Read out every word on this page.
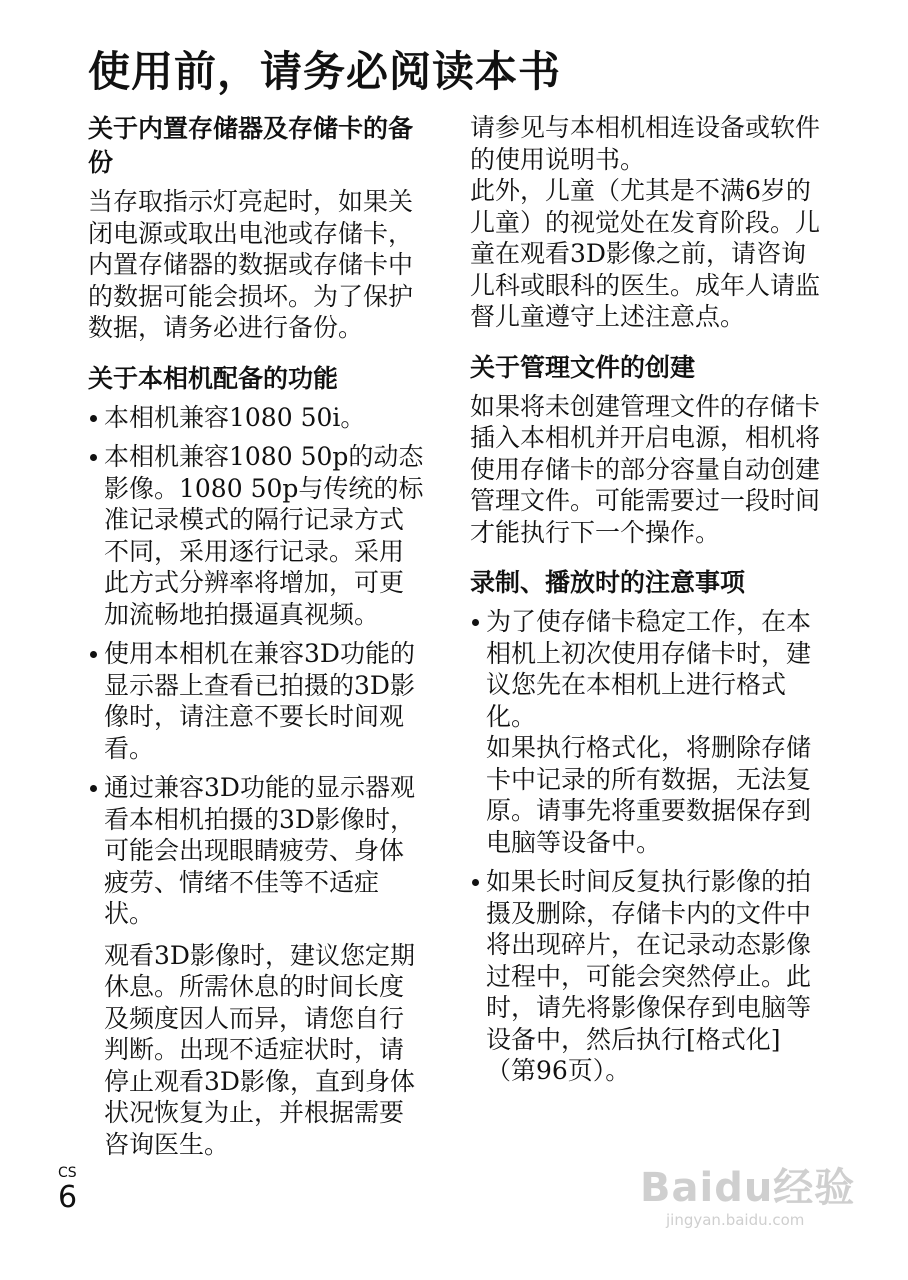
使用前，请务必阅读本书
关于内置存储器及存储卡的备份

当存取指示灯亮起时，如果关闭电源或取出电池或存储卡，内置存储器的数据或存储卡中的数据可能会损坏。为了保护数据，请务必进行备份。

关于本相机配备的功能
本相机兼容1080 50i。
本相机兼容1080 50p的动态影像。1080 50p与传统的标准记录模式的隔行记录方式不同，采用逐行记录。采用此方式分辨率将增加，可更加流畅地拍摄逼真视频。
使用本相机在兼容3D功能的显示器上查看已拍摄的3D影像时，请注意不要长时间观看。
通过兼容3D功能的显示器观看本相机拍摄的3D影像时，可能会出现眼睛疲劳、身体疲劳、情绪不佳等不适症状。
观看3D影像时，建议您定期休息。所需休息的时间长度及频度因人而异，请您自行判断。出现不适症状时，请停止观看3D影像，直到身体状况恢复为止，并根据需要咨询医生。

请参见与本相机相连设备或软件的使用说明书。

此外，儿童（尤其是不满6岁的儿童）的视觉处在发育阶段。儿童在观看3D影像之前，请咨询儿科或眼科的医生。成年人请监督儿童遵守上述注意点。

关于管理文件的创建

如果将未创建管理文件的存储卡插入本相机并开启电源，相机将使用存储卡的部分容量自动创建管理文件。可能需要过一段时间才能执行下一个操作。

录制、播放时的注意事项
为了使存储卡稳定工作，在本相机上初次使用存储卡时，建议您先在本相机上进行格式化。
如果执行格式化，将删除存储卡中记录的所有数据，无法复原。请事先将重要数据保存到电脑等设备中。
如果长时间反复执行影像的拍摄及删除，存储卡内的文件中将出现碎片，在记录动态影像过程中，可能会突然停止。此时，请先将影像保存到电脑等设备中，然后执行[格式化]（第96页）。
CS
6	Baidu经验
jingyan.baidu.com
